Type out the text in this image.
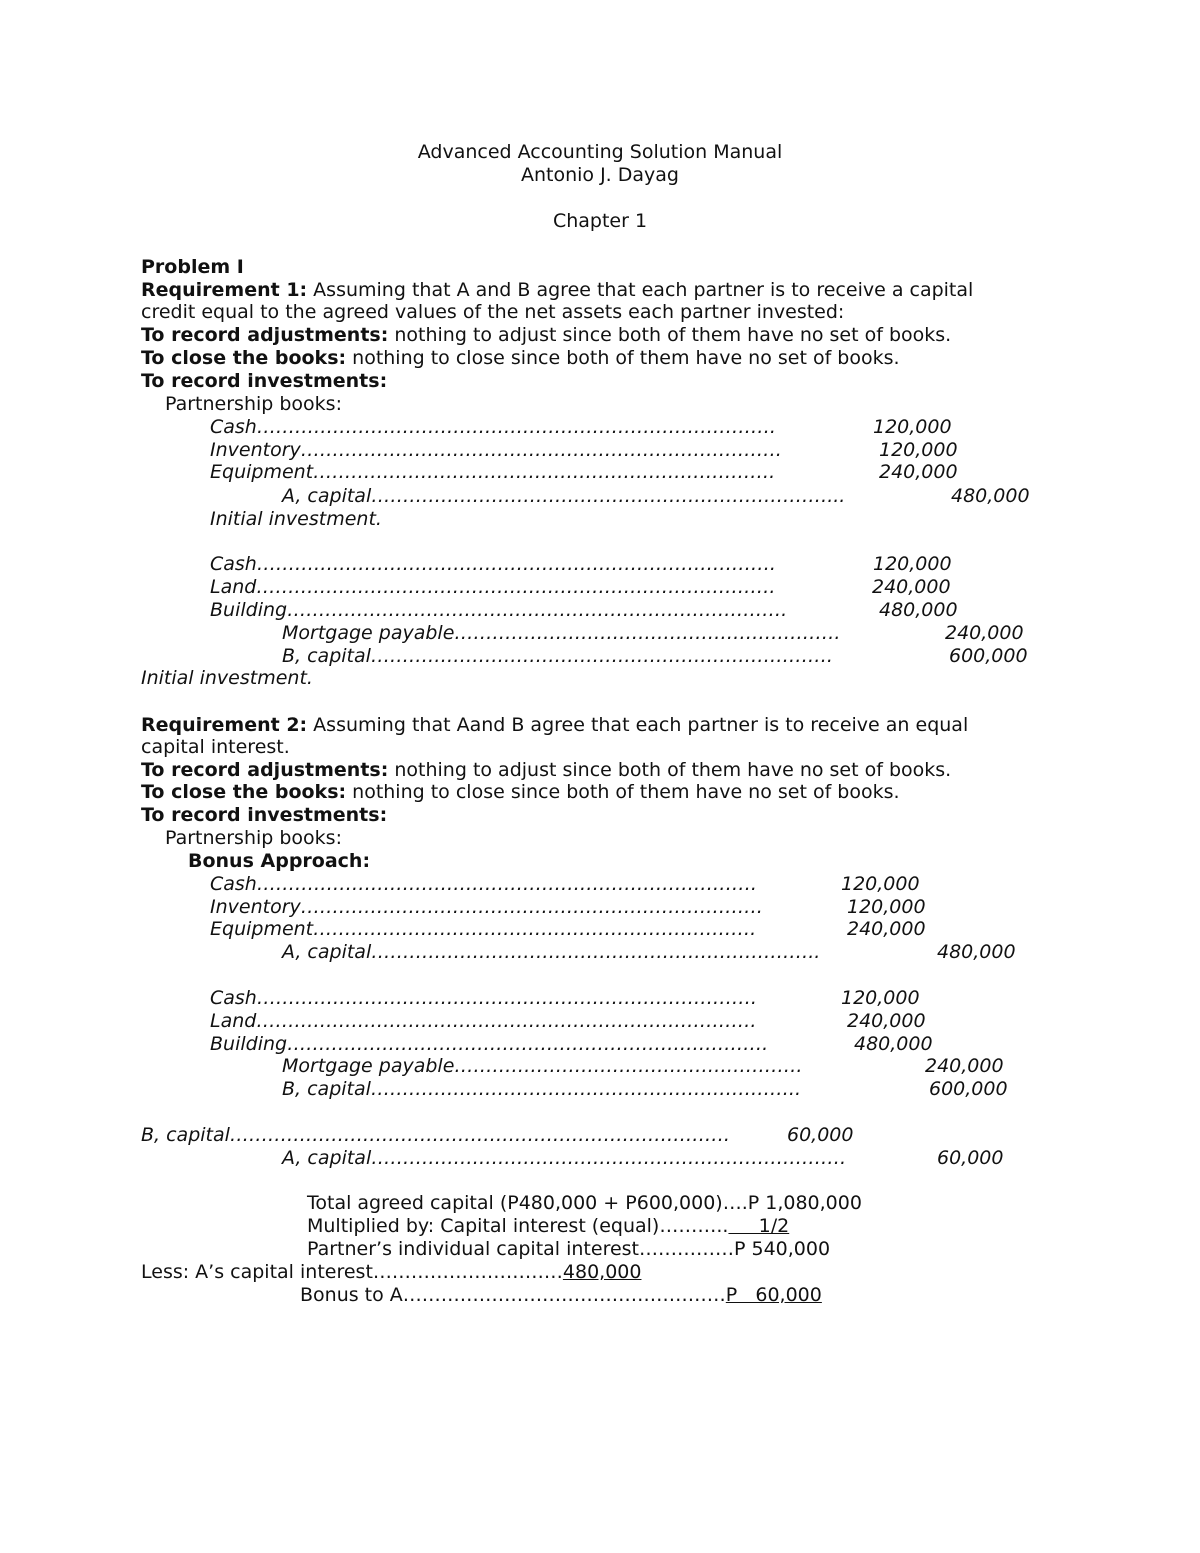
Advanced Accounting Solution Manual
Antonio J. Dayag
Chapter 1
Problem I
Requirement 1: Assuming that A and B agree that each partner is to receive a capital
credit equal to the agreed values of the net assets each partner invested:
To record adjustments: nothing to adjust since both of them have no set of books.
To close the books: nothing to close since both of them have no set of books.
To record investments:
Partnership books:
Cash……………………………………………………………………….	120,000
Inventory………………………………………………………………….	120,000
Equipment……………………………………………………………….	240,000
A, capital………………………………………………………………...	480,000
Initial investment.
Cash……………………………………………………………………….	120,000
Land……………………………………………………………………….	240,000
Building…………………………………………………………………….	480,000
Mortgage payable…………………………………………………….	240,000
B, capital……………………………………………………………….	600,000
Initial investment.
Requirement 2: Assuming that Aand B agree that each partner is to receive an equal
capital interest.
To record adjustments: nothing to adjust since both of them have no set of books.
To close the books: nothing to close since both of them have no set of books.
To record investments:
Partnership books:
Bonus Approach:
Cash…………………………………………………………………….	120,000
Inventory……………………………………………………………….	120,000
Equipment…………………………………………………………….	240,000
A, capital……………………………………………………………..	480,000
Cash…………………………………………………………………….	120,000
Land…………………………………………………………………….	240,000
Building………………………………………………………………….	480,000
Mortgage payable……………………………………………….	240,000
B, capital…………………………………………………………..	600,000
B, capital…………………………………………………………………….	60,000
A, capital…………………………………………………………………	60,000
Total agreed capital (P480,000 + P600,000)….P 1,080,000
Multiplied by: Capital interest (equal)………..     1/2
Partner’s individual capital interest……………P 540,000
Less: A’s capital interest…………………………480,000
Bonus to A……………………………………………P   60,000
